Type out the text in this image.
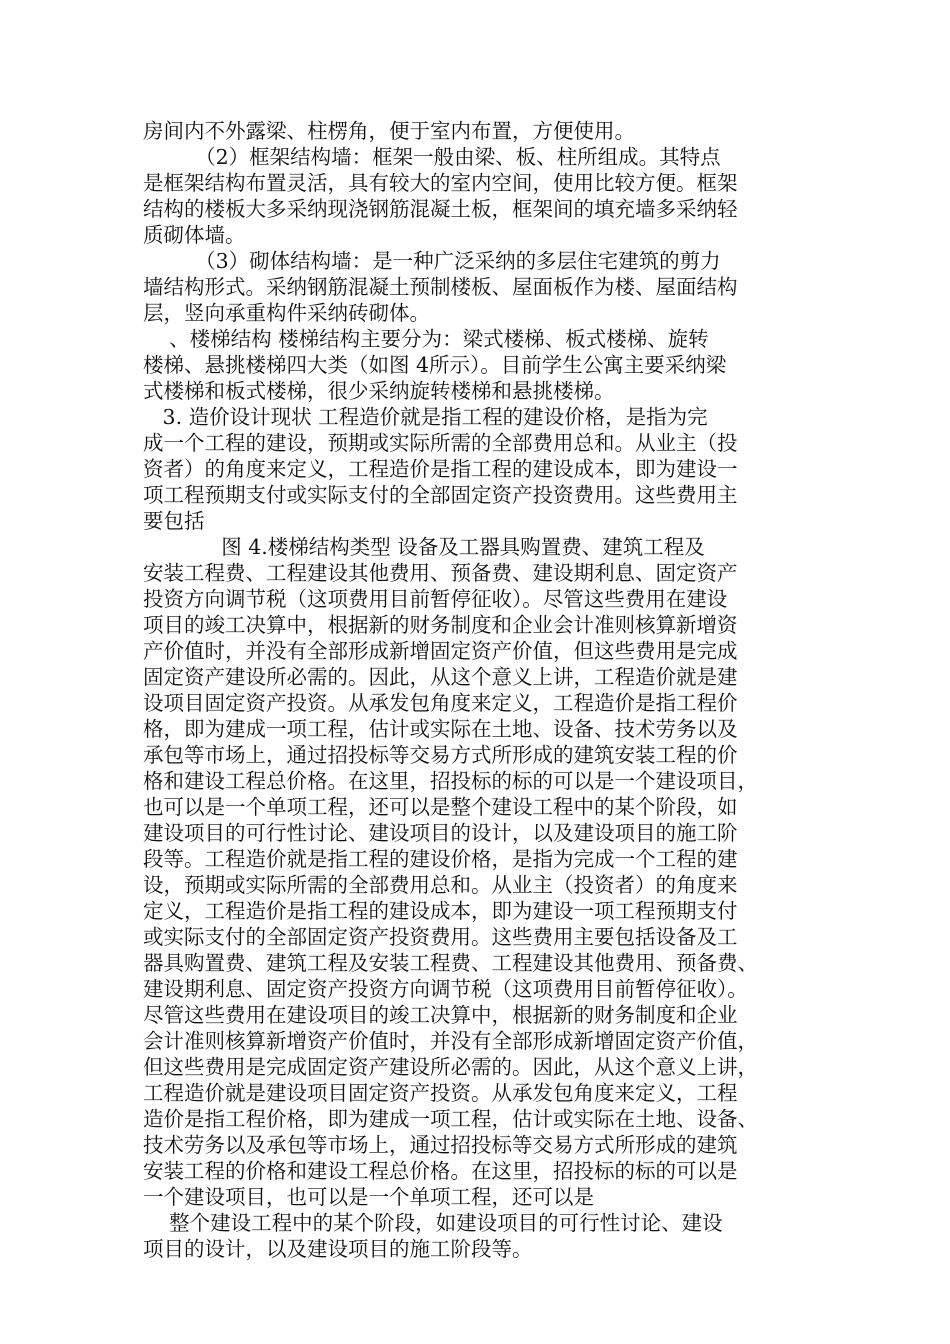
房间内不外露梁、柱楞角，便于室内布置，方便使用。
（2）框架结构墙：框架一般由梁、板、柱所组成。其特点
是框架结构布置灵活，具有较大的室内空间，使用比较方便。框架
结构的楼板大多采纳现浇钢筋混凝土板，框架间的填充墙多采纳轻
质砌体墙。
（3）砌体结构墙：是一种广泛采纳的多层住宅建筑的剪力
墙结构形式。采纳钢筋混凝土预制楼板、屋面板作为楼、屋面结构
层，竖向承重构件采纳砖砌体。
、楼梯结构 楼梯结构主要分为：梁式楼梯、板式楼梯、旋转
楼梯、悬挑楼梯四大类（如图 4所示）。目前学生公寓主要采纳梁
式楼梯和板式楼梯，很少采纳旋转楼梯和悬挑楼梯。
3. 造价设计现状 工程造价就是指工程的建设价格，是指为完
成一个工程的建设，预期或实际所需的全部费用总和。从业主（投
资者）的角度来定义，工程造价是指工程的建设成本，即为建设一
项工程预期支付或实际支付的全部固定资产投资费用。这些费用主
要包括
图 4.楼梯结构类型 设备及工器具购置费、建筑工程及
安装工程费、工程建设其他费用、预备费、建设期利息、固定资产
投资方向调节税（这项费用目前暂停征收）。尽管这些费用在建设
项目的竣工决算中，根据新的财务制度和企业会计准则核算新增资
产价值时，并没有全部形成新增固定资产价值，但这些费用是完成
固定资产建设所必需的。因此，从这个意义上讲，工程造价就是建
设项目固定资产投资。从承发包角度来定义，工程造价是指工程价
格，即为建成一项工程，估计或实际在土地、设备、技术劳务以及
承包等市场上，通过招投标等交易方式所形成的建筑安装工程的价
格和建设工程总价格。在这里，招投标的标的可以是一个建设项目，
也可以是一个单项工程，还可以是整个建设工程中的某个阶段，如
建设项目的可行性讨论、建设项目的设计，以及建设项目的施工阶
段等。工程造价就是指工程的建设价格，是指为完成一个工程的建
设，预期或实际所需的全部费用总和。从业主（投资者）的角度来
定义，工程造价是指工程的建设成本，即为建设一项工程预期支付
或实际支付的全部固定资产投资费用。这些费用主要包括设备及工
器具购置费、建筑工程及安装工程费、工程建设其他费用、预备费、
建设期利息、固定资产投资方向调节税（这项费用目前暂停征收）。
尽管这些费用在建设项目的竣工决算中，根据新的财务制度和企业
会计准则核算新增资产价值时，并没有全部形成新增固定资产价值，
但这些费用是完成固定资产建设所必需的。因此，从这个意义上讲，
工程造价就是建设项目固定资产投资。从承发包角度来定义，工程
造价是指工程价格，即为建成一项工程，估计或实际在土地、设备、
技术劳务以及承包等市场上，通过招投标等交易方式所形成的建筑
安装工程的价格和建设工程总价格。在这里，招投标的标的可以是
一个建设项目，也可以是一个单项工程，还可以是
整个建设工程中的某个阶段，如建设项目的可行性讨论、建设
项目的设计，以及建设项目的施工阶段等。
